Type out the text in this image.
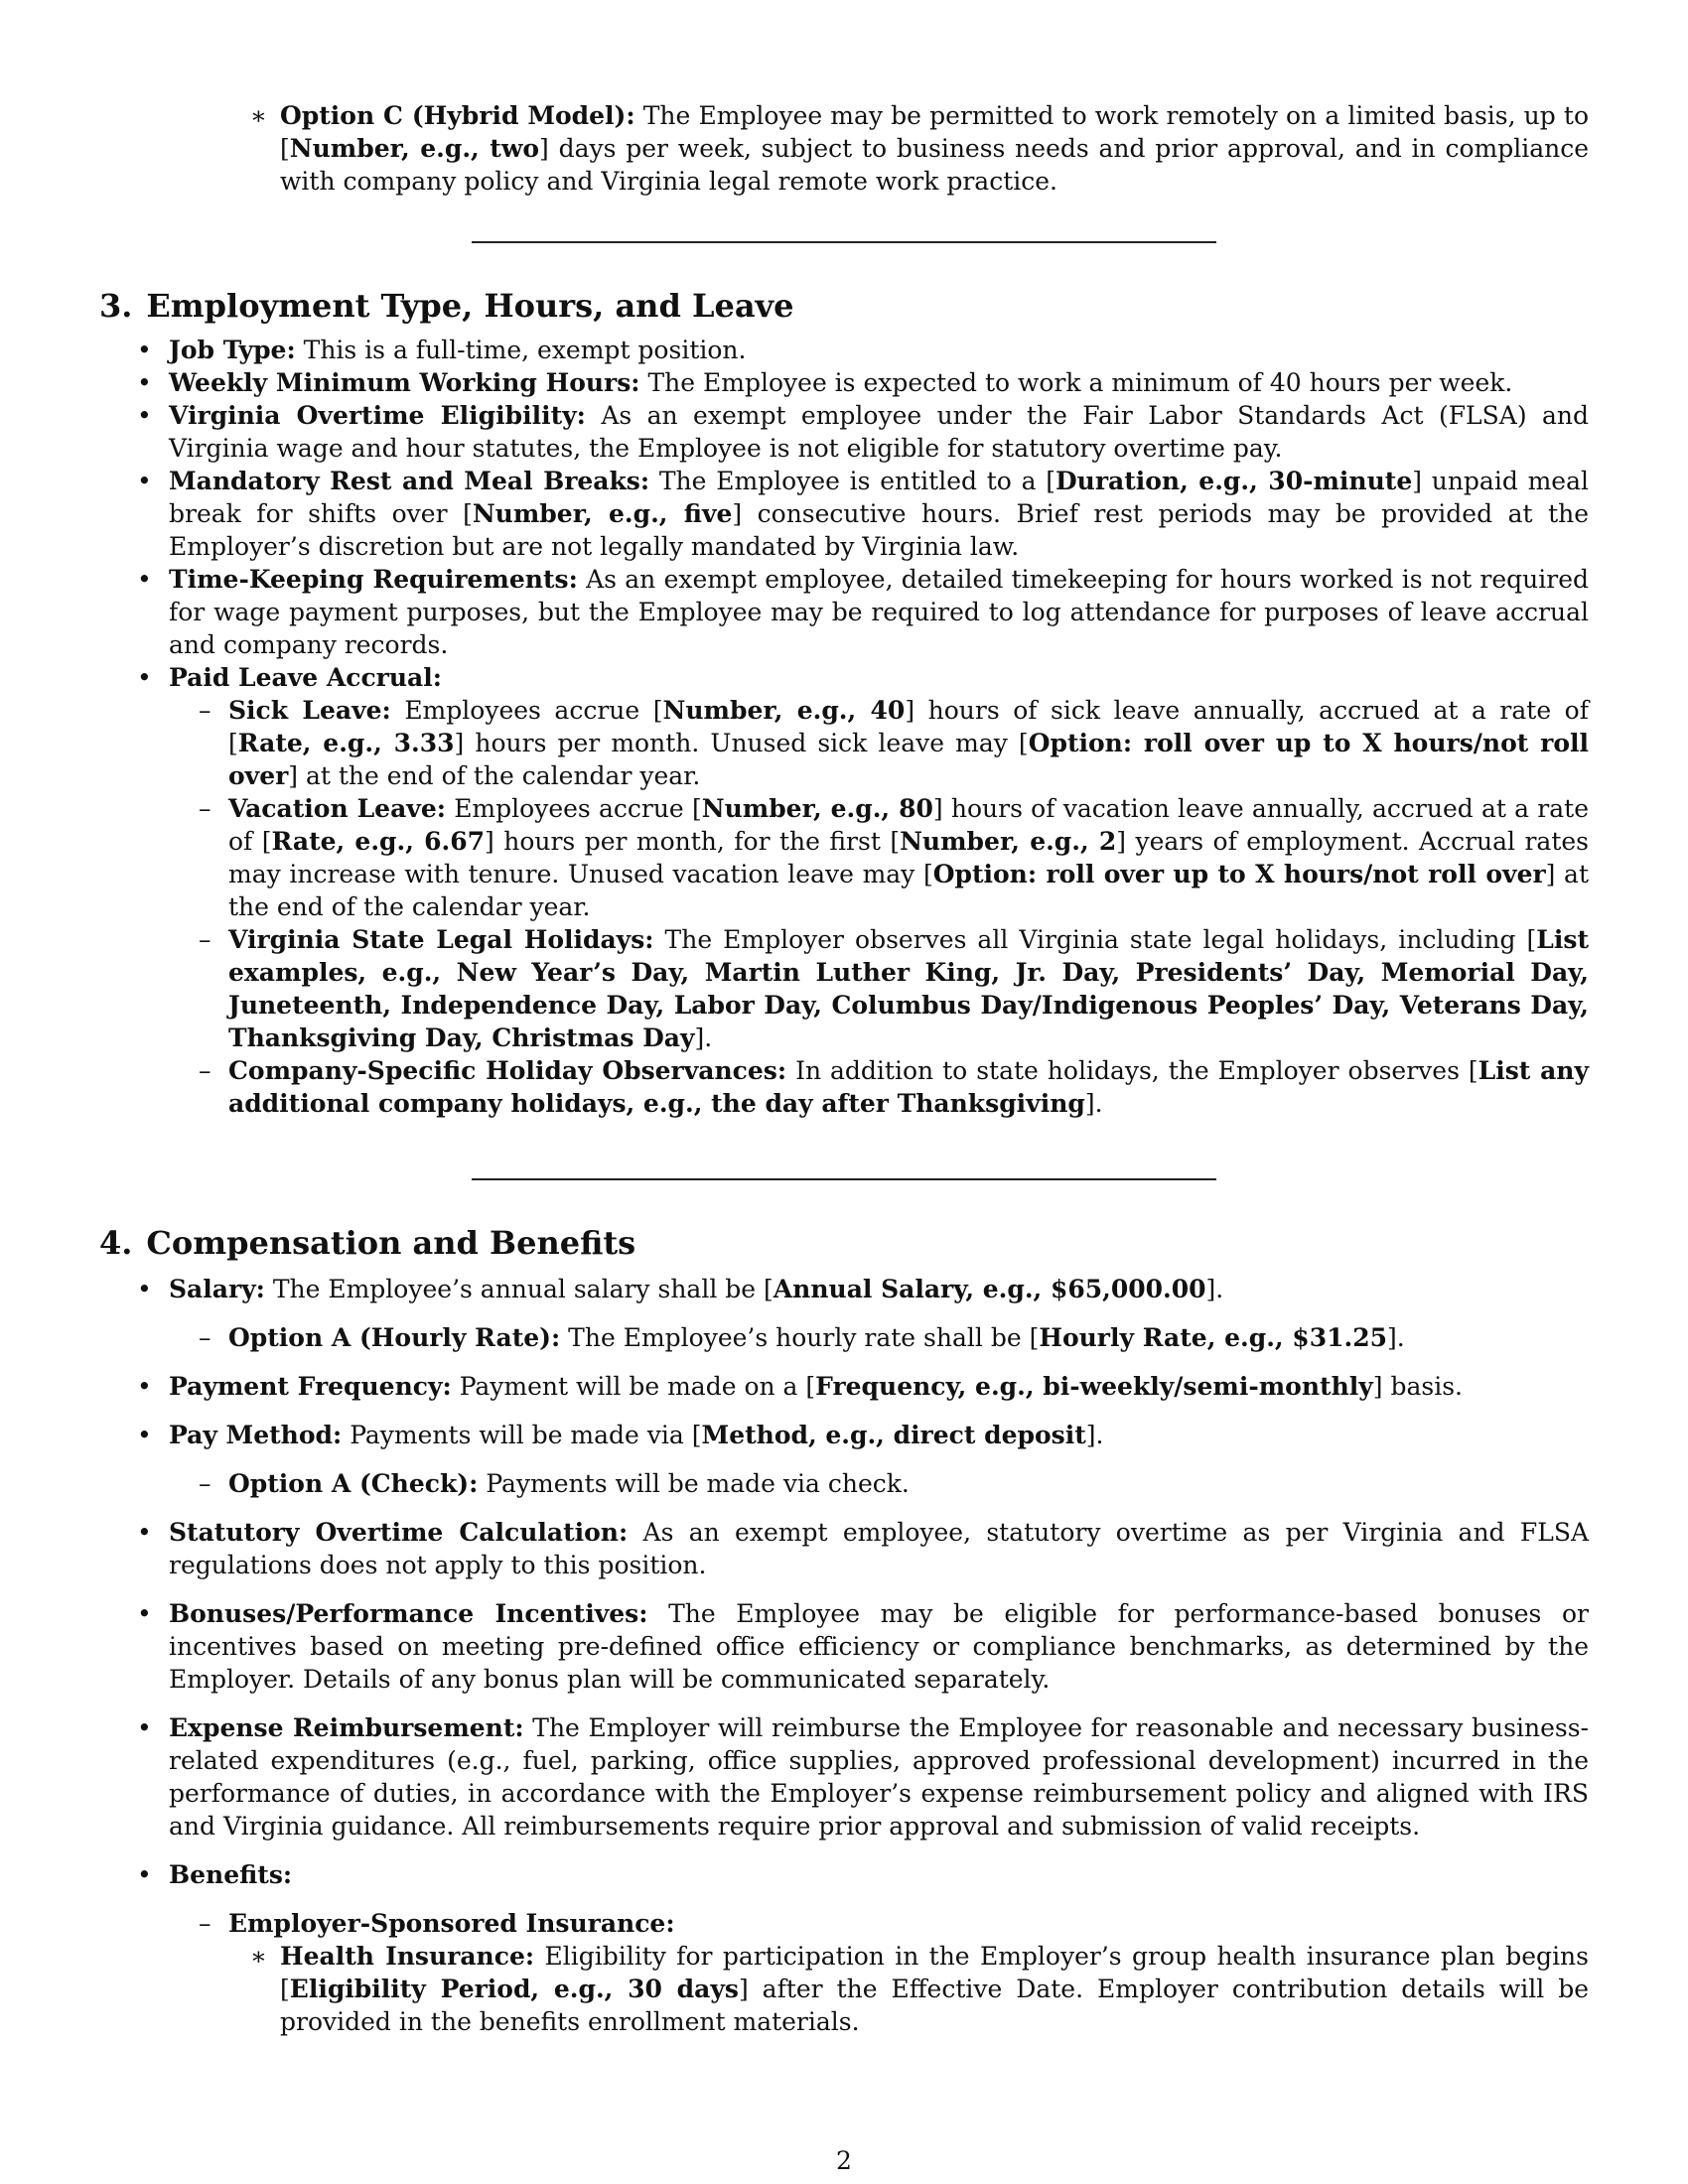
∗ Option C (Hybrid Model): The Employee may be permitted to work remotely on a limited basis, up to [Number, e.g., two] days per week, subject to business needs and prior approval, and in compliance with company policy and Virginia legal remote work practice.
3. Employment Type, Hours, and Leave
• Job Type: This is a full-time, exempt position.
• Weekly Minimum Working Hours: The Employee is expected to work a minimum of 40 hours per week.
• Virginia Overtime Eligibility: As an exempt employee under the Fair Labor Standards Act (FLSA) and Virginia wage and hour statutes, the Employee is not eligible for statutory overtime pay.
• Mandatory Rest and Meal Breaks: The Employee is entitled to a [Duration, e.g., 30-minute] unpaid meal break for shifts over [Number, e.g., five] consecutive hours. Brief rest periods may be provided at the Employer’s discretion but are not legally mandated by Virginia law.
• Time-Keeping Requirements: As an exempt employee, detailed timekeeping for hours worked is not required for wage payment purposes, but the Employee may be required to log attendance for purposes of leave accrual and company records.
• Paid Leave Accrual:
– Sick Leave: Employees accrue [Number, e.g., 40] hours of sick leave annually, accrued at a rate of [Rate, e.g., 3.33] hours per month. Unused sick leave may [Option: roll over up to X hours/not roll over] at the end of the calendar year.
– Vacation Leave: Employees accrue [Number, e.g., 80] hours of vacation leave annually, accrued at a rate of [Rate, e.g., 6.67] hours per month, for the first [Number, e.g., 2] years of employment. Accrual rates may increase with tenure. Unused vacation leave may [Option: roll over up to X hours/not roll over] at the end of the calendar year.
– Virginia State Legal Holidays: The Employer observes all Virginia state legal holidays, including [List examples, e.g., New Year’s Day, Martin Luther King, Jr. Day, Presidents’ Day, Memorial Day, Juneteenth, Independence Day, Labor Day, Columbus Day/Indigenous Peoples’ Day, Veterans Day, Thanksgiving Day, Christmas Day].
– Company-Specific Holiday Observances: In addition to state holidays, the Employer observes [List any additional company holidays, e.g., the day after Thanksgiving].
4. Compensation and Benefits
• Salary: The Employee’s annual salary shall be [Annual Salary, e.g., $65,000.00].
– Option A (Hourly Rate): The Employee’s hourly rate shall be [Hourly Rate, e.g., $31.25].
• Payment Frequency: Payment will be made on a [Frequency, e.g., bi-weekly/semi-monthly] basis.
• Pay Method: Payments will be made via [Method, e.g., direct deposit].
– Option A (Check): Payments will be made via check.
• Statutory Overtime Calculation: As an exempt employee, statutory overtime as per Virginia and FLSA regulations does not apply to this position.
• Bonuses/Performance Incentives: The Employee may be eligible for performance-based bonuses or incentives based on meeting pre-defined office efficiency or compliance benchmarks, as determined by the Employer. Details of any bonus plan will be communicated separately.
• Expense Reimbursement: The Employer will reimburse the Employee for reasonable and necessary business-related expenditures (e.g., fuel, parking, office supplies, approved professional development) incurred in the performance of duties, in accordance with the Employer’s expense reimbursement policy and aligned with IRS and Virginia guidance. All reimbursements require prior approval and submission of valid receipts.
• Benefits:
– Employer-Sponsored Insurance:
∗ Health Insurance: Eligibility for participation in the Employer’s group health insurance plan begins [Eligibility Period, e.g., 30 days] after the Effective Date. Employer contribution details will be provided in the benefits enrollment materials.
2
